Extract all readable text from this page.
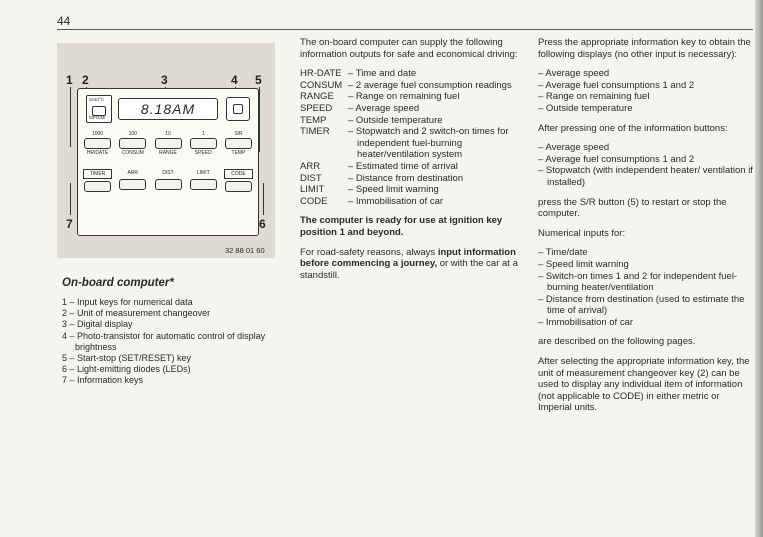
44
1 2	3	4 5
6
7
SAE/°C
MPG/MI
8.18AM
1000
HR/DATE
100
CONSUM
10
RANGE
1
SPEED
S/R
TEMP
TIMER	ARR	DIST	LIMIT	CODE
32 88 01 60
On-board computer*
1 – Input keys for numerical data
2 – Unit of measurement changeover
3 – Digital display
4 – Photo-transistor for automatic control of display brightness
5 – Start-stop (SET/RESET) key
6 – Light-emitting diodes (LEDs)
7 – Information keys

The on-board computer can supply the following information outputs for safe and economical driving:

HR-DATE – Time and date
CONSUM – 2 average fuel consumption readings
RANGE	– Range on remaining fuel
SPEED	– Average speed
TEMP	– Outside temperature
TIMER	– Stopwatch and 2 switch-on times for independent fuel-burning heater/ventilation system
ARR	– Estimated time of arrival
DIST	– Distance from destination
LIMIT	– Speed limit warning
CODE	– Immobilisation of car

The computer is ready for use at ignition key position 1 and beyond.

For road-safety reasons, always input information before commencing a journey, or with the car at a standstill.

Press the appropriate information key to obtain the following displays (no other input is necessary):

– Average speed
– Average fuel consumptions 1 and 2
– Range on remaining fuel
– Outside temperature

After pressing one of the information buttons:

– Average speed
– Average fuel consumptions 1 and 2
– Stopwatch (with independent heater/ ventilation if installed)

press the S/R button (5) to restart or stop the computer.

Numerical inputs for:

– Time/date
– Speed limit warning
– Switch-on times 1 and 2 for independent fuel-burning heater/ventilation
– Distance from destination (used to estimate the time of arrival)
– Immobilisation of car

are described on the following pages.

After selecting the appropriate information key, the unit of measurement changeover key (2) can be used to display any individual item of information (not applicable to CODE) in either metric or Imperial units.
